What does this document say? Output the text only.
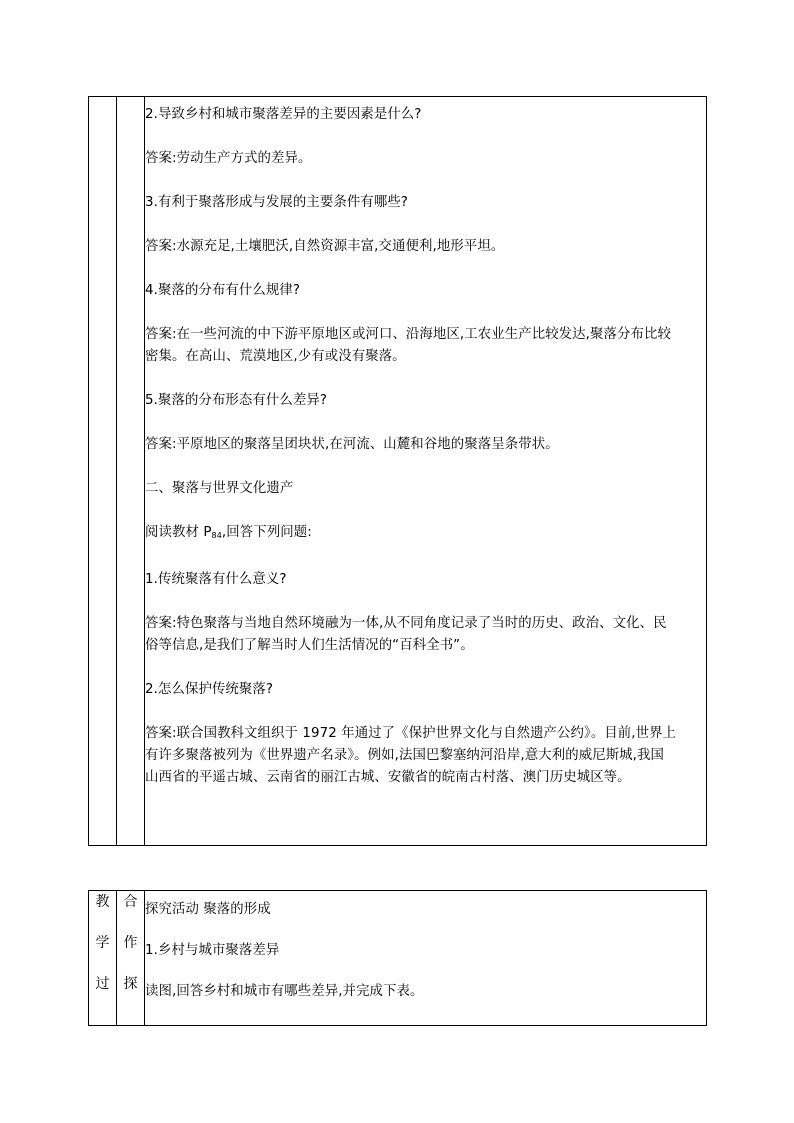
2.导致乡村和城市聚落差异的主要因素是什么?

答案:劳动生产方式的差异。

3.有利于聚落形成与发展的主要条件有哪些?

答案:水源充足,土壤肥沃,自然资源丰富,交通便利,地形平坦。

4.聚落的分布有什么规律?

答案:在一些河流的中下游平原地区或河口、沿海地区,工农业生产比较发达,聚落分布比较

密集。在高山、荒漠地区,少有或没有聚落。

5.聚落的分布形态有什么差异?

答案:平原地区的聚落呈团块状,在河流、山麓和谷地的聚落呈条带状。

二、聚落与世界文化遗产

阅读教材 $P_{84}$,回答下列问题:

1.传统聚落有什么意义?

答案:特色聚落与当地自然环境融为一体,从不同角度记录了当时的历史、政治、文化、民

俗等信息,是我们了解当时人们生活情况的“百科全书”。

2.怎么保护传统聚落?

答案:联合国教科文组织于 1972 年通过了《保护世界文化与自然遗产公约》。目前,世界上

有许多聚落被列为《世界遗产名录》。例如,法国巴黎塞纳河沿岸,意大利的威尼斯城,我国

山西省的平遥古城、云南省的丽江古城、安徽省的皖南古村落、澳门历史城区等。

教
学
过

合
作
探

探究活动 聚落的形成

1.乡村与城市聚落差异

读图,回答乡村和城市有哪些差异,并完成下表。
